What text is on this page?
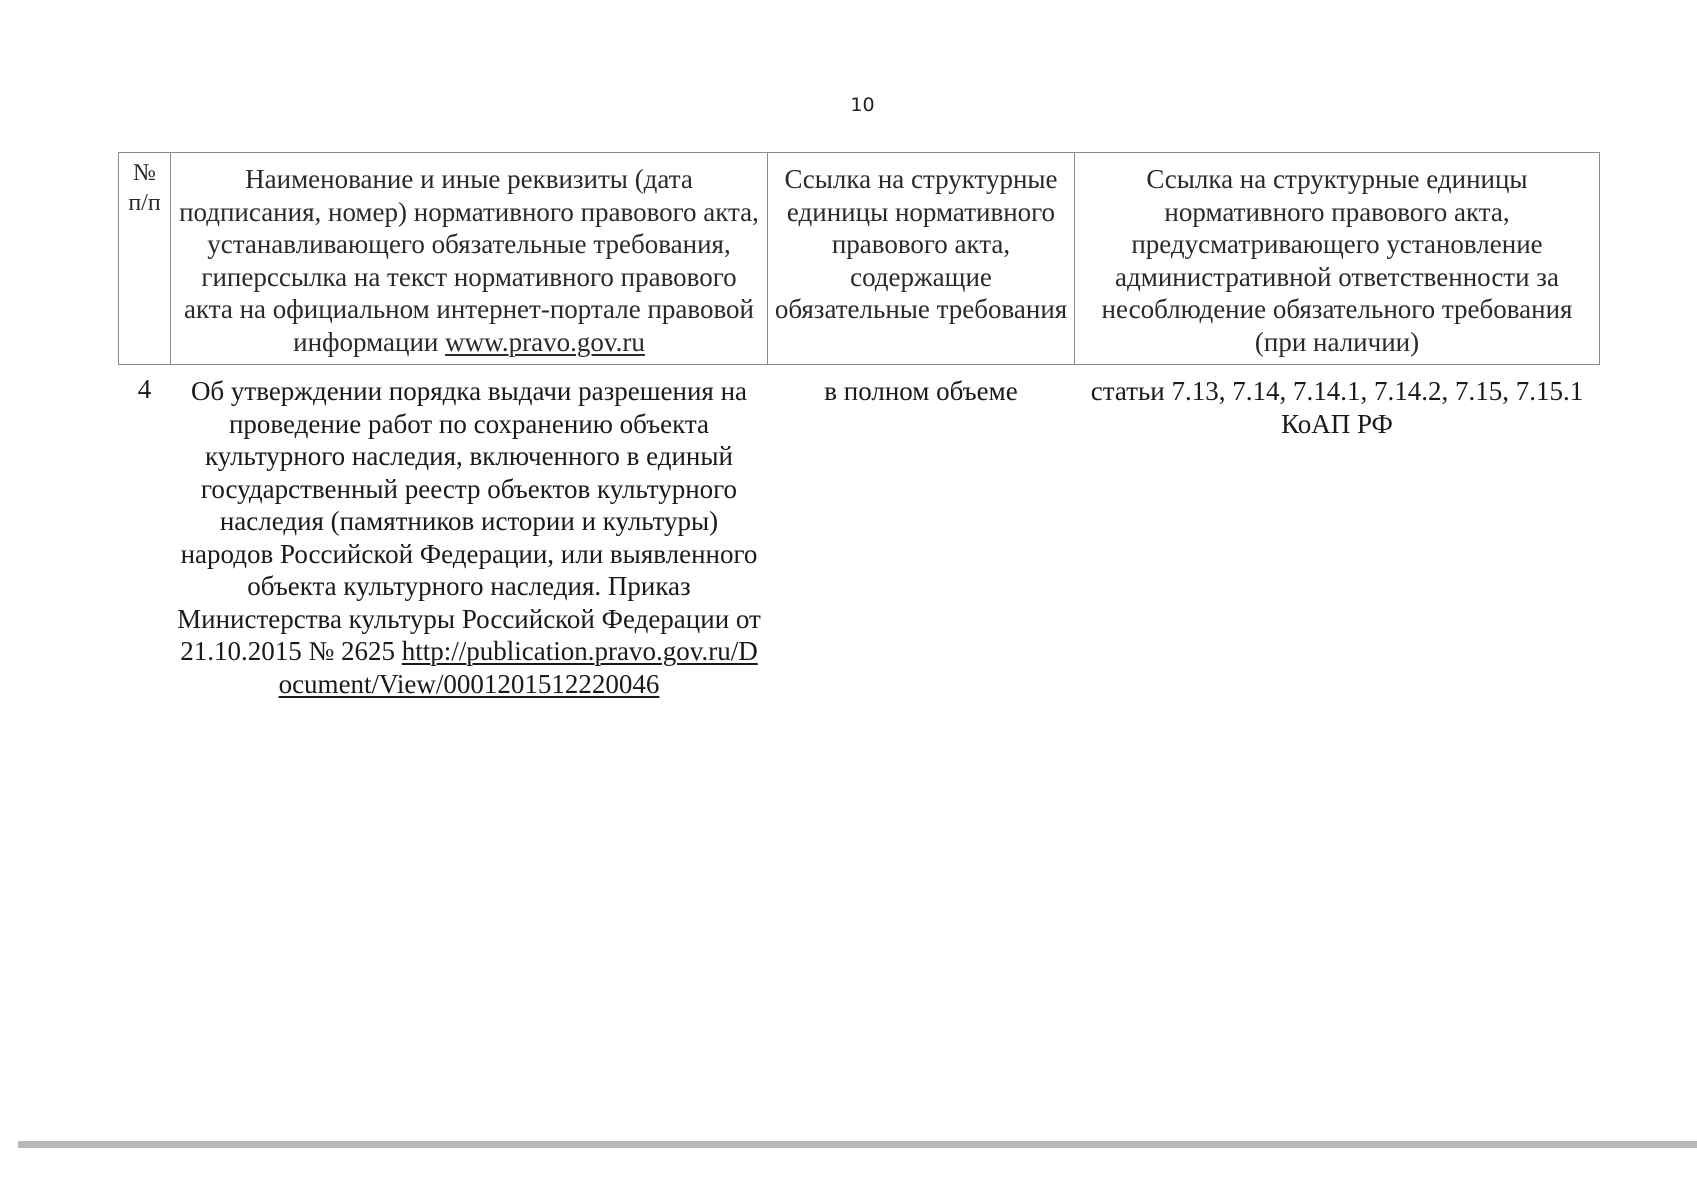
10
№ п/п	Наименование и иные реквизиты (дата подписания, номер) нормативного правового акта, устанавливающего обязательные требования, гиперссылка на текст нормативного правового акта на официальном интернет-портале правовой информации www.pravo.gov.ru	Ссылка на структурные единицы нормативного правового акта, содержащие обязательные требования	Ссылка на структурные единицы нормативного правового акта, предусматривающего установление административной ответственности за несоблюдение обязательного требования (при наличии)
4	Об утверждении порядка выдачи разрешения на проведение работ по сохранению объекта культурного наследия, включенного в единый государственный реестр объектов культурного наследия (памятников истории и культуры) народов Российской Федерации, или выявленного объекта культурного наследия. Приказ Министерства культуры Российской Федерации от 21.10.2015 № 2625 http://publication.pravo.gov.ru/Document/View/0001201512220046	в полном объеме	статьи 7.13, 7.14, 7.14.1, 7.14.2, 7.15, 7.15.1 КоАП РФ
